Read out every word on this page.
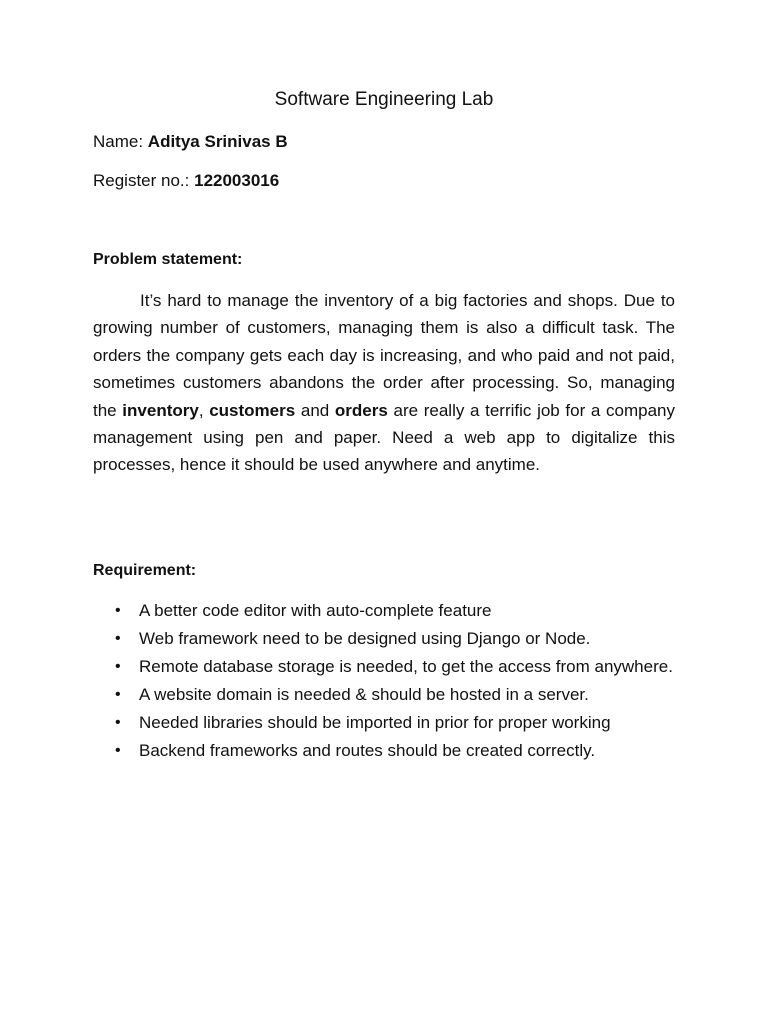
Software Engineering Lab

Name: Aditya Srinivas B

Register no.: 122003016

Problem statement:

It’s hard to manage the inventory of a big factories and shops. Due to growing number of customers, managing them is also a difficult task. The orders the company gets each day is increasing, and who paid and not paid, sometimes customers abandons the order after processing. So, managing the inventory, customers and orders are really a terrific job for a company management using pen and paper. Need a web app to digitalize this processes, hence it should be used anywhere and anytime.

Requirement:
• A better code editor with auto-complete feature
• Web framework need to be designed using Django or Node.
• Remote database storage is needed, to get the access from anywhere.
• A website domain is needed & should be hosted in a server.
• Needed libraries should be imported in prior for proper working
• Backend frameworks and routes should be created correctly.
